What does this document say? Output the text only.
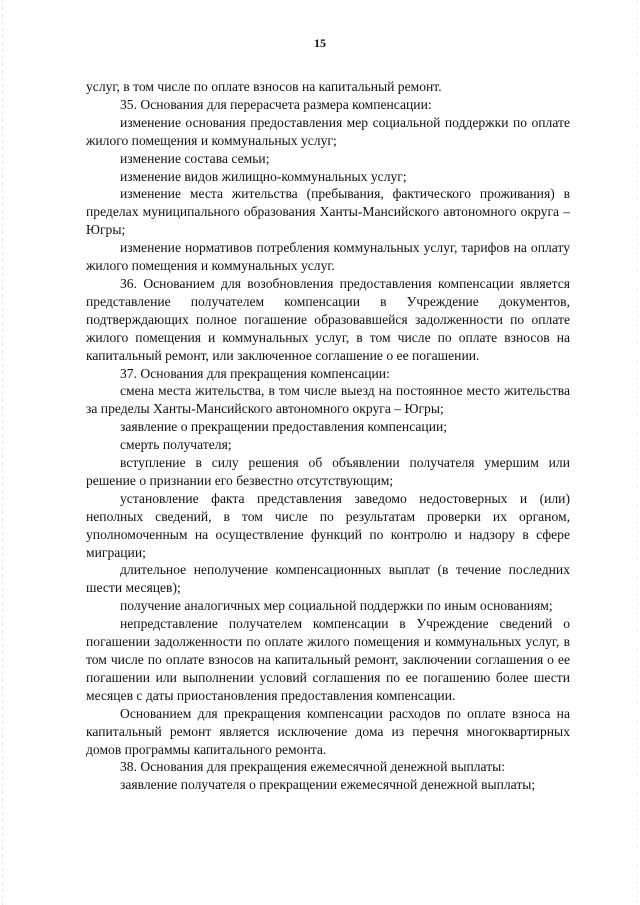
15

услуг, в том числе по оплате взносов на капитальный ремонт.

35. Основания для перерасчета размера компенсации:

изменение основания предоставления мер социальной поддержки по оплате жилого помещения и коммунальных услуг;

изменение состава семьи;

изменение видов жилищно-коммунальных услуг;

изменение места жительства (пребывания, фактического проживания) в пределах муниципального образования Ханты-Мансийского автономного округа – Югры;

изменение нормативов потребления коммунальных услуг, тарифов на оплату жилого помещения и коммунальных услуг.

36. Основанием для возобновления предоставления компенсации является представление получателем компенсации в Учреждение документов, подтверждающих полное погашение образовавшейся задолженности по оплате жилого помещения и коммунальных услуг, в том числе по оплате взносов на капитальный ремонт, или заключенное соглашение о ее погашении.

37. Основания для прекращения компенсации:

смена места жительства, в том числе выезд на постоянное место жительства за пределы Ханты-Мансийского автономного округа – Югры;

заявление о прекращении предоставления компенсации;

смерть получателя;

вступление в силу решения об объявлении получателя умершим или решение о признании его безвестно отсутствующим;

установление факта представления заведомо недостоверных и (или) неполных сведений, в том числе по результатам проверки их органом, уполномоченным на осуществление функций по контролю и надзору в сфере миграции;

длительное неполучение компенсационных выплат (в течение последних шести месяцев);

получение аналогичных мер социальной поддержки по иным основаниям;

непредставление получателем компенсации в Учреждение сведений о погашении задолженности по оплате жилого помещения и коммунальных услуг, в том числе по оплате взносов на капитальный ремонт, заключении соглашения о ее погашении или выполнении условий соглашения по ее погашению более шести месяцев с даты приостановления предоставления компенсации.

Основанием для прекращения компенсации расходов по оплате взноса на капитальный ремонт является исключение дома из перечня многоквартирных домов программы капитального ремонта.

38. Основания для прекращения ежемесячной денежной выплаты:

заявление получателя о прекращении ежемесячной денежной выплаты;
